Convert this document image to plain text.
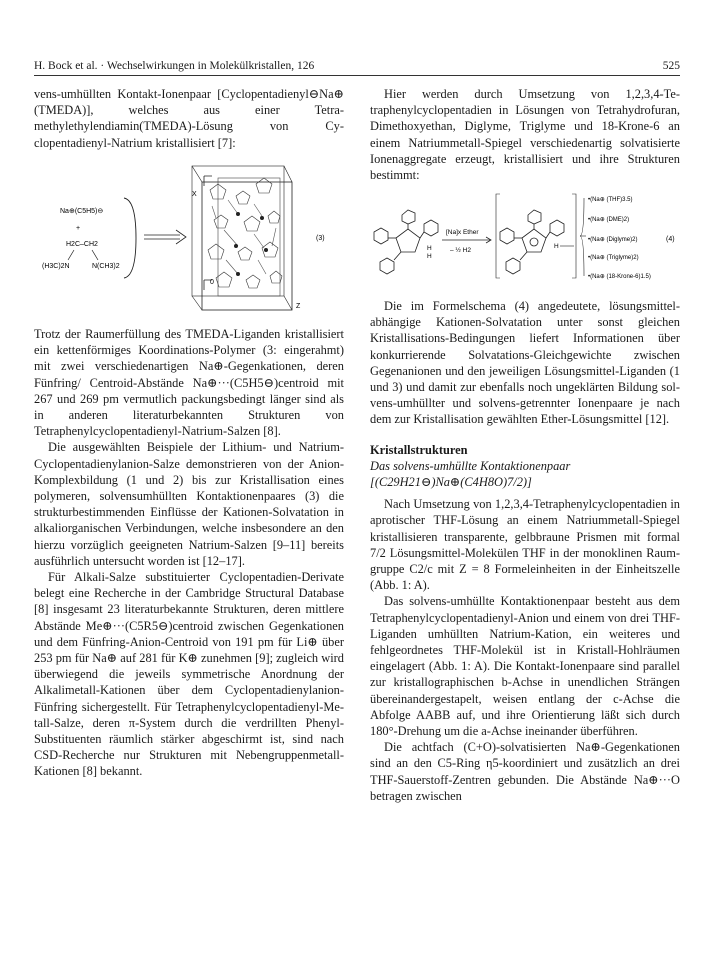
H. Bock et al. · Wechselwirkungen in Molekülkristallen, 126	525

vens-umhüllten Kontakt-Ionenpaar [Cyclopentadienyl⊖Na⊕ (TMEDA)], welches aus einer Tetramethylethylendiamin(TMEDA)-Lösung von Cyclopentadienyl-Natrium kristallisiert [7]:

Na⊕(C5H5)⊖
+
H2C–CH2
(H3C)2N	N(CH3)2
X
Z
0
(3)

Trotz der Raumerfüllung des TMEDA-Liganden kristallisiert ein kettenförmiges Koordinations-Polymer (3: eingerahmt) mit zwei verschiedenartigen Na⊕-Gegenkationen, deren Fünfring/ Centroid-Abstände Na⊕···(C5H5⊖)centroid mit 267 und 269 pm vermutlich packungsbedingt länger sind als in anderen literaturbekannten Strukturen von Tetraphenylcyclopentadienyl-Natrium-Salzen [8].

Die ausgewählten Beispiele der Lithium- und Natrium-Cyclopentadienylanion-Salze demonstrieren von der Anion-Komplexbildung (1 und 2) bis zur Kristallisation eines polymeren, solvensumhüllten Kontaktionenpaares (3) die strukturbestimmenden Einflüsse der Kationen-Solvatation in alkaliorganischen Verbindungen, welche insbesondere an den hierzu vorzüglich geeigneten Natrium-Salzen [9–11] bereits ausführlich untersucht worden ist [12–17].

Für Alkali-Salze substituierter Cyclopentadien-Derivate belegt eine Recherche in der Cambridge Structural Database [8] insgesamt 23 literaturbekannte Strukturen, deren mittlere Abstände Me⊕···(C5R5⊖)centroid zwischen Gegenkationen und dem Fünfring-Anion-Centroid von 191 pm für Li⊕ über 253 pm für Na⊕ auf 281 für K⊕ zunehmen [9]; zugleich wird überwiegend die jeweils symmetrische Anordnung der Alkalimetall-Kationen über dem Cyclopentadienylanion-Fünfring sichergestellt. Für Tetraphenylcyclopentadienyl-Metall-Salze, deren π-System durch die verdrillten Phenyl-Substituenten räumlich stärker abgeschirmt ist, sind nach CSD-Recherche nur Strukturen mit Nebengruppenmetall-Kationen [8] bekannt.

Hier werden durch Umsetzung von 1,2,3,4-Tetraphenylcyclopentadien in Lösungen von Tetrahydrofuran, Dimethoxyethan, Diglyme, Triglyme und 18-Krone-6 an einem Natriummetall-Spiegel verschiedenartig solvatisierte Ionenaggregate erzeugt, kristallisiert und ihre Strukturen bestimmt:

H
H
[Na]x Ether
– ½ H2
H
•(Na⊕ (THF)3.5)
•(Na⊕ (DME)2)
•(Na⊕ (Diglyme)2)
•(Na⊕ (Triglyme)2)
•(Na⊕ (18-Krone-6)1.5)
(4)

Die im Formelschema (4) angedeutete, lösungsmittel-abhängige Kationen-Solvatation unter sonst gleichen Kristallisations-Bedingungen liefert Informationen über konkurrierende Solvatations-Gleichgewichte zwischen Gegenanionen und den jeweiligen Lösungsmittel-Liganden (1 und 3) und damit zur ebenfalls noch ungeklärten Bildung solvens-umhüllter und solvens-getrennter Ionenpaare je nach dem zur Kristallisation gewählten Ether-Lösungsmittel [12].

Kristallstrukturen

Das solvens-umhüllte Kontaktionenpaar

[(C29H21⊖)Na⊕(C4H8O)7/2)]

Nach Umsetzung von 1,2,3,4-Tetraphenylcyclopentadien in aprotischer THF-Lösung an einem Natriummetall-Spiegel kristallisieren transparente, gelbbraune Prismen mit formal 7/2 Lösungsmittel-Molekülen THF in der monoklinen Raumgruppe C2/c mit Z = 8 Formeleinheiten in der Einheitszelle (Abb. 1: A).

Das solvens-umhüllte Kontaktionenpaar besteht aus dem Tetraphenylcyclopentadienyl-Anion und einem von drei THF-Liganden umhüllten Natrium-Kation, ein weiteres und fehlgeordnetes THF-Molekül ist in Kristall-Hohlräumen eingelagert (Abb. 1: A). Die Kontakt-Ionenpaare sind parallel zur kristallographischen b-Achse in unendlichen Strängen übereinandergestapelt, weisen entlang der c-Achse die Abfolge AABB auf, und ihre Orientierung läßt sich durch 180°-Drehung um die a-Achse ineinander überführen.

Die achtfach (C+O)-solvatisierten Na⊕-Gegenkationen sind an den C5-Ring η5-koordiniert und zusätzlich an drei THF-Sauerstoff-Zentren gebunden. Die Abstände Na⊕···O betragen zwischen
